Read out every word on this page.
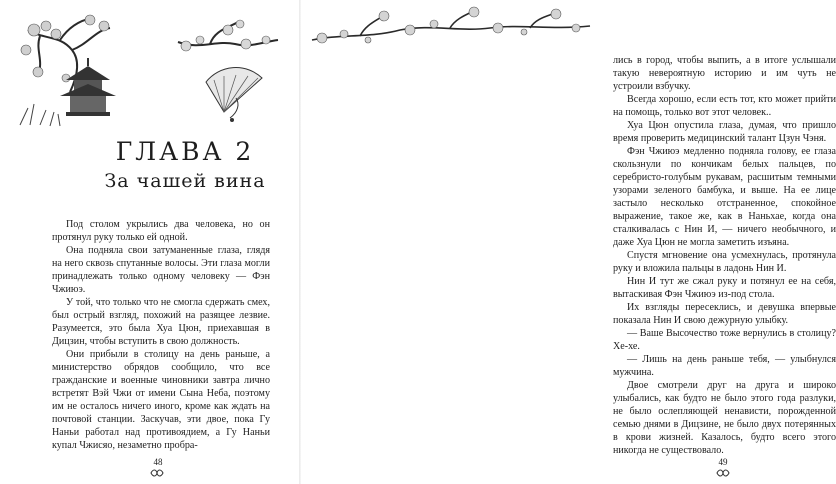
ГЛАВА 2
За чашей вина

Под столом укрылись два человека, но он протянул руку только ей одной.

Она подняла свои затуманенные глаза, глядя на него сквозь спутанные волосы. Эти глаза могли принадлежать только одному человеку — Фэн Чжиюэ.

У той, что только что не смогла сдержать смех, был острый взгляд, похожий на разящее лезвие. Разумеется, это была Хуа Цюн, приехавшая в Дицзин, чтобы вступить в свою должность.

Они прибыли в столицу на день раньше, а министерство обрядов сообщило, что все гражданские и военные чиновники завтра лично встретят Вэй Чжи от имени Сына Неба, поэтому им не осталось ничего иного, кроме как ждать на почтовой станции. Заскучав, эти двое, пока Гу Наньи работал над противоядием, а Гу Наньи купал Чжисяо, незаметно пробра-

48

лись в город, чтобы выпить, а в итоге услышали такую невероятную историю и им чуть не устроили взбучку.

Всегда хорошо, если есть тот, кто может прийти на помощь, только вот этот человек..

Хуа Цюн опустила глаза, думая, что пришло время проверить медицинский талант Цзун Чэня.

Фэн Чжиюэ медленно подняла голову, ее глаза скользнули по кончикам белых пальцев, по серебристо-голубым рукавам, расшитым темными узорами зеленого бамбука, и выше. На ее лице застыло несколько отстраненное, спокойное выражение, такое же, как в Наньхае, когда она сталкивалась с Нин И, — ничего необычного, и даже Хуа Цюн не могла заметить изъяна.

Спустя мгновение она усмехнулась, протянула руку и вложила пальцы в ладонь Нин И.

Нин И тут же сжал руку и потянул ее на себя, вытаскивая Фэн Чжиюэ из-под стола.

Их взгляды пересеклись, и девушка впервые показала Нин И свою дежурную улыбку.

— Ваше Высочество тоже вернулись в столицу? Хе-хе.

— Лишь на день раньше тебя, — улыбнулся мужчина.

Двое смотрели друг на друга и широко улыбались, как будто не было этого года разлуки, не было ослепляющей ненависти, порожденной семью днями в Дицзине, не было двух потерянных в крови жизней. Казалось, будто всего этого никогда не существовало.

49
